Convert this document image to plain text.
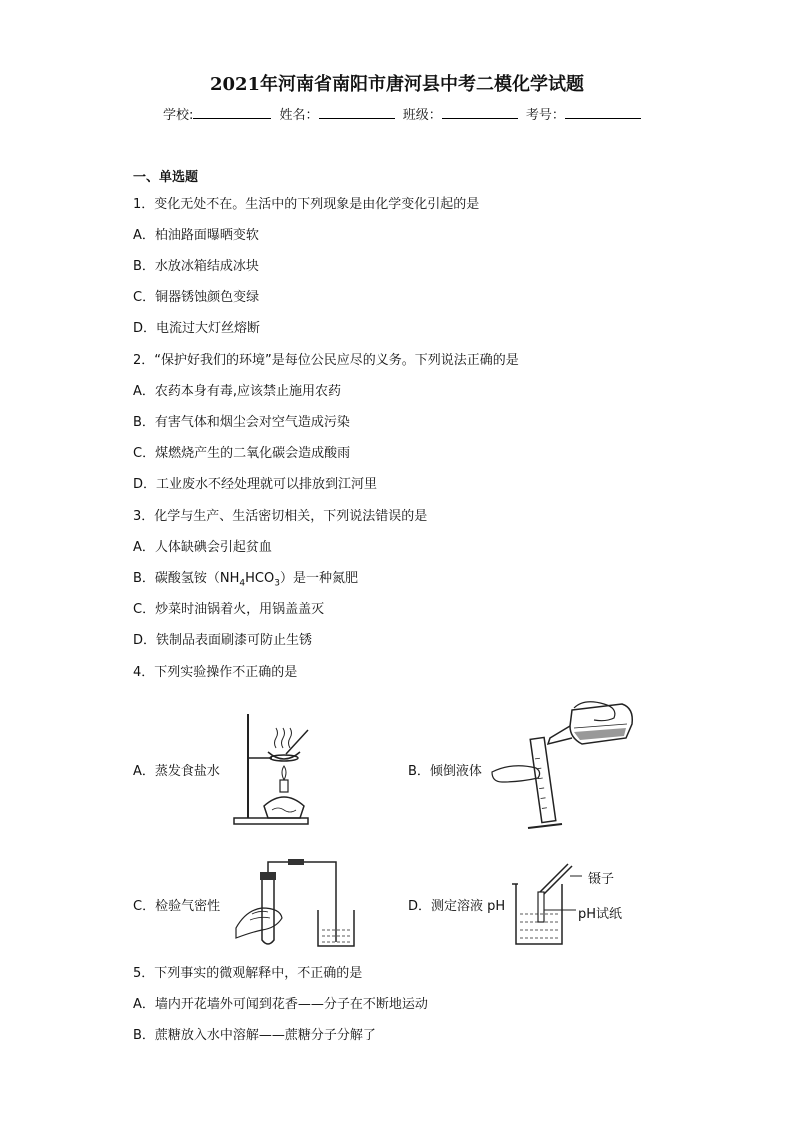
2021年河南省南阳市唐河县中考二模化学试题
学校:	姓名：	班级：	考号：
一、单选题
1．变化无处不在。生活中的下列现象是由化学变化引起的是
A．柏油路面曝晒变软
B．水放冰箱结成冰块
C．铜器锈蚀颜色变绿
D．电流过大灯丝熔断
2．“保护好我们的环境”是每位公民应尽的义务。下列说法正确的是
A．农药本身有毒,应该禁止施用农药
B．有害气体和烟尘会对空气造成污染
C．煤燃烧产生的二氧化碳会造成酸雨
D．工业废水不经处理就可以排放到江河里
3．化学与生产、生活密切相关，下列说法错误的是
A．人体缺碘会引起贫血
B．碳酸氢铵$(NH_4HCO_3)$是一种氮肥
C．炒菜时油锅着火，用锅盖盖灭
D．铁制品表面刷漆可防止生锈
4．下列实验操作不正确的是
A．蒸发食盐水	B．倾倒液体
C．检验气密性	D．测定溶液 pH
镊子
pH试纸
5．下列事实的微观解释中，不正确的是
A．墙内开花墙外可闻到花香——分子在不断地运动
B．蔗糖放入水中溶解——蔗糖分子分解了
